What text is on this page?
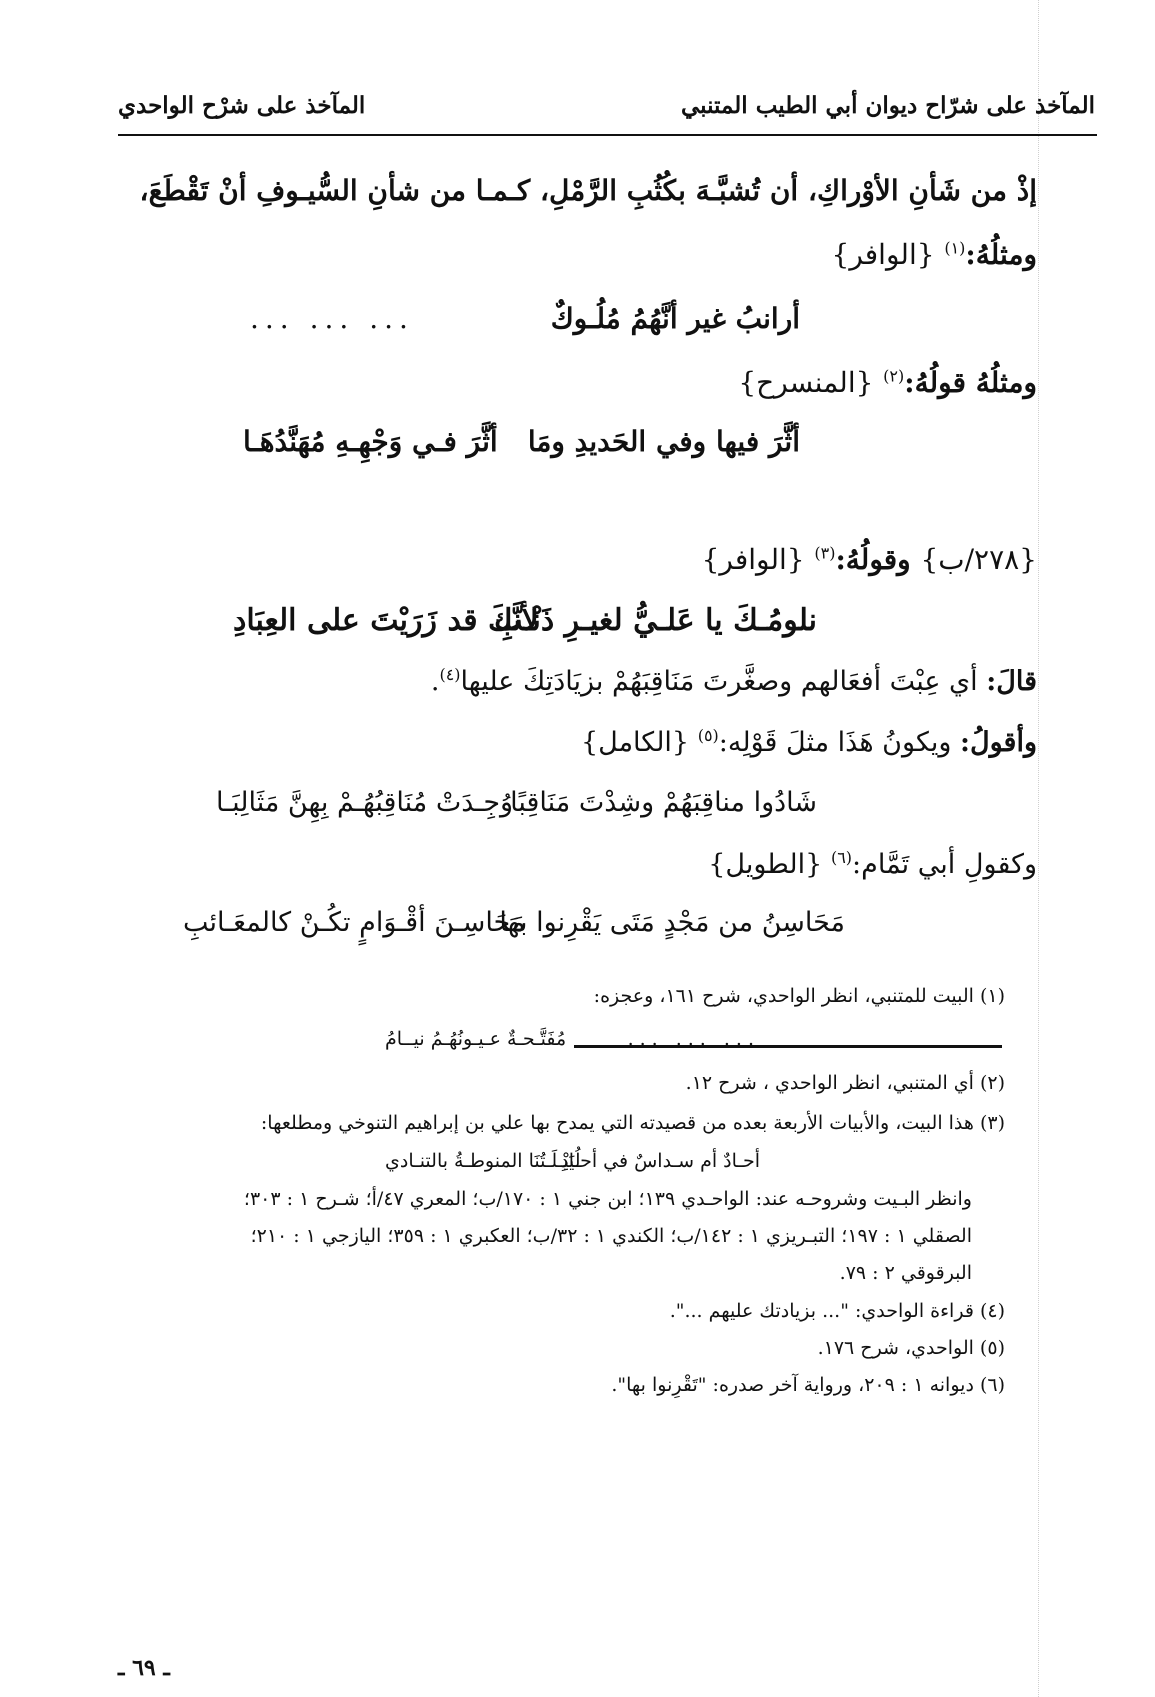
المآخذ على شرّاح ديوان أبي الطيب المتنبي
المآخذ على شرْح الواحدي
إذْ من شَأنِ الأوْراكِ، أن تُشبَّـهَ بكُثُبِ الرَّمْلِ، كـمـا من شأنِ السُّيـوفِ أنْ تَقْطَعَ،
ومثلُهُ:$^{(١)}$ {الوافر}
أرانبُ غير أنَّهُمُ مُلُـوكٌ
... ... ...
ومثلُهُ قولُهُ:$^{(٢)}$ {المنسرح}
أثَّرَ فيها وفي الحَديدِ ومَا
أثَّرَ فـي وَجْهِـهِ مُهَنَّدُهَـا
{٢٧٨/ب} وقولُهُ:$^{(٣)}$ {الوافر}
نلومُـكَ يا عَلـيُّ لغيـرِ ذَنْـبِ
لأنَّكَ قد زَرَيْتَ على العِبَادِ
قالَ: أي عِبْتَ أفعَالهم وصغَّرتَ مَنَاقِبَهُمْ بزيَادَتِكَ عليها$^{(٤)}$.
وأقولُ: ويكونُ هَذَا مثلَ قَوْلِه:$^{(٥)}$ {الكامل}
شَادُوا مناقِبَهُمْ وشِدْتَ مَنَاقِبًا
وُجِـدَتْ مُنَاقِبُهُـمْ بِهِنَّ مَثَالِبَـا
وكقولِ أبي تَمَّام:$^{(٦)}$ {الطويل}
مَحَاسِنُ من مَجْدٍ مَتَى يَقْرِنوا بهَا
مَحَاسِـنَ أقْـوَامٍ تكُـنْ كالمعَـائبِ
(١) البيت للمتنبي، انظر الواحدي، شرح ١٦١، وعجزه:
... ... ...
مُفَتَّـحـةٌ عـيـونُهُـمُ نيــامُ
(٢) أي المتنبي، انظر الواحدي ، شرح ١٢.
(٣) هذا البيت، والأبيات الأربعة بعده من قصيدته التي يمدح بها علي بن إبراهيم التنوخي ومطلعها:
أحـادٌ أم سـداسٌ في أحـادِ
لُيَيْـلَـتُنَا المنوطـةُ بالتنـادي
وانظر البـيت وشروحـه عند: الواحـدي ١٣٩؛ ابن جني ١ : ١٧٠/ب؛ المعري ٤٧/أ؛ شـرح ١ : ٣٠٣؛
الصقلي ١ : ١٩٧؛ التبـريزي ١ : ١٤٢/ب؛ الكندي ١ : ٣٢/ب؛ العكبري ١ : ٣٥٩؛ اليازجي ١ : ٢١٠؛
البرقوقي ٢ : ٧٩.
(٤) قراءة الواحدي: "... بزيادتك عليهم ...".
(٥) الواحدي، شرح ١٧٦.
(٦) ديوانه ١ : ٢٠٩، ورواية آخر صدره: "تَقْرِنوا بها".
ـ ٦٩ ـ
